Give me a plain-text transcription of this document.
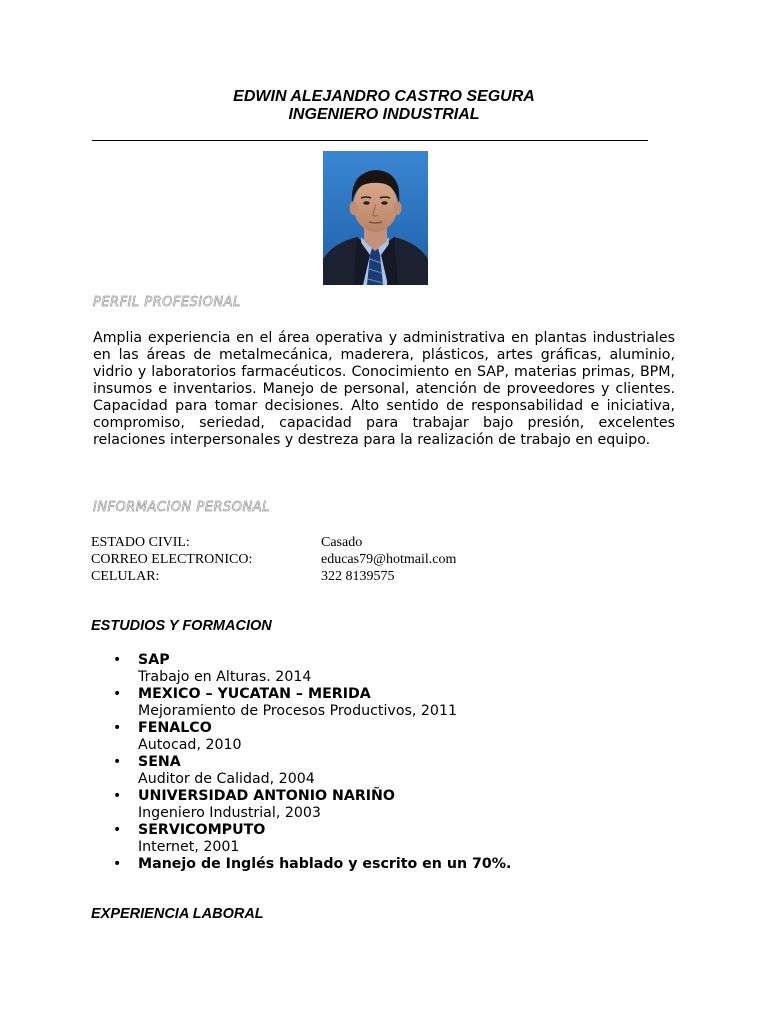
EDWIN ALEJANDRO CASTRO SEGURA
INGENIERO INDUSTRIAL
PERFIL PROFESIONAL
Amplia experiencia en el área operativa y administrativa en plantas industriales en las áreas de metalmecánica, maderera, plásticos, artes gráficas, aluminio, vidrio y laboratorios farmacéuticos. Conocimiento en SAP, materias primas, BPM, insumos e inventarios. Manejo de personal, atención de proveedores y clientes. Capacidad para tomar decisiones. Alto sentido de responsabilidad e iniciativa, compromiso, seriedad, capacidad para trabajar bajo presión, excelentes relaciones interpersonales y destreza para la realización de trabajo en equipo.
INFORMACION PERSONAL
ESTADO CIVIL:	Casado
CORREO ELECTRONICO:	educas79@hotmail.com
CELULAR:	322 8139575
ESTUDIOS Y FORMACION
• SAP
Trabajo en Alturas. 2014
• MEXICO – YUCATAN – MERIDA
Mejoramiento de Procesos Productivos, 2011
• FENALCO
Autocad, 2010
• SENA
Auditor de Calidad, 2004
• UNIVERSIDAD ANTONIO NARIÑO
Ingeniero Industrial, 2003
• SERVICOMPUTO
Internet, 2001
• Manejo de Inglés hablado y escrito en un 70%.
EXPERIENCIA LABORAL
